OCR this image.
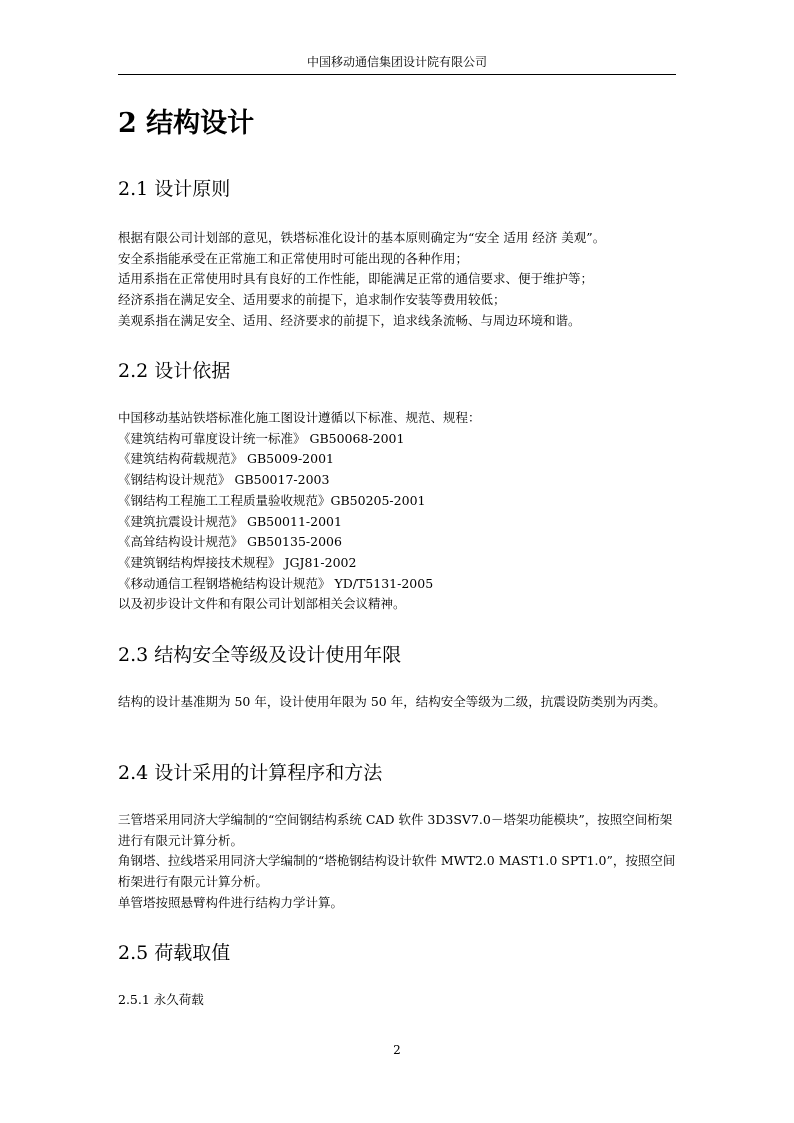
中国移动通信集团设计院有限公司
2 结构设计
2.1 设计原则

根据有限公司计划部的意见，铁塔标准化设计的基本原则确定为“安全 适用 经济 美观”。

安全系指能承受在正常施工和正常使用时可能出现的各种作用；

适用系指在正常使用时具有良好的工作性能，即能满足正常的通信要求、便于维护等；

经济系指在满足安全、适用要求的前提下，追求制作安装等费用较低；

美观系指在满足安全、适用、经济要求的前提下，追求线条流畅、与周边环境和谐。

2.2 设计依据

中国移动基站铁塔标准化施工图设计遵循以下标准、规范、规程：

《建筑结构可靠度设计统一标准》 GB50068-2001

《建筑结构荷载规范》 GB5009-2001

《钢结构设计规范》 GB50017-2003

《钢结构工程施工工程质量验收规范》GB50205-2001

《建筑抗震设计规范》 GB50011-2001

《高耸结构设计规范》 GB50135-2006

《建筑钢结构焊接技术规程》 JGJ81-2002

《移动通信工程钢塔桅结构设计规范》 YD/T5131-2005

以及初步设计文件和有限公司计划部相关会议精神。

2.3 结构安全等级及设计使用年限

结构的设计基准期为 50 年，设计使用年限为 50 年，结构安全等级为二级，抗震设防类别为丙类。

2.4 设计采用的计算程序和方法

三管塔采用同济大学编制的“空间钢结构系统 CAD 软件 3D3SV7.0－塔架功能模块”，按照空间桁架进行有限元计算分析。

角钢塔、拉线塔采用同济大学编制的“塔桅钢结构设计软件 MWT2.0 MAST1.0 SPT1.0”，按照空间桁架进行有限元计算分析。

单管塔按照悬臂构件进行结构力学计算。

2.5 荷载取值
2.5.1 永久荷载
2
